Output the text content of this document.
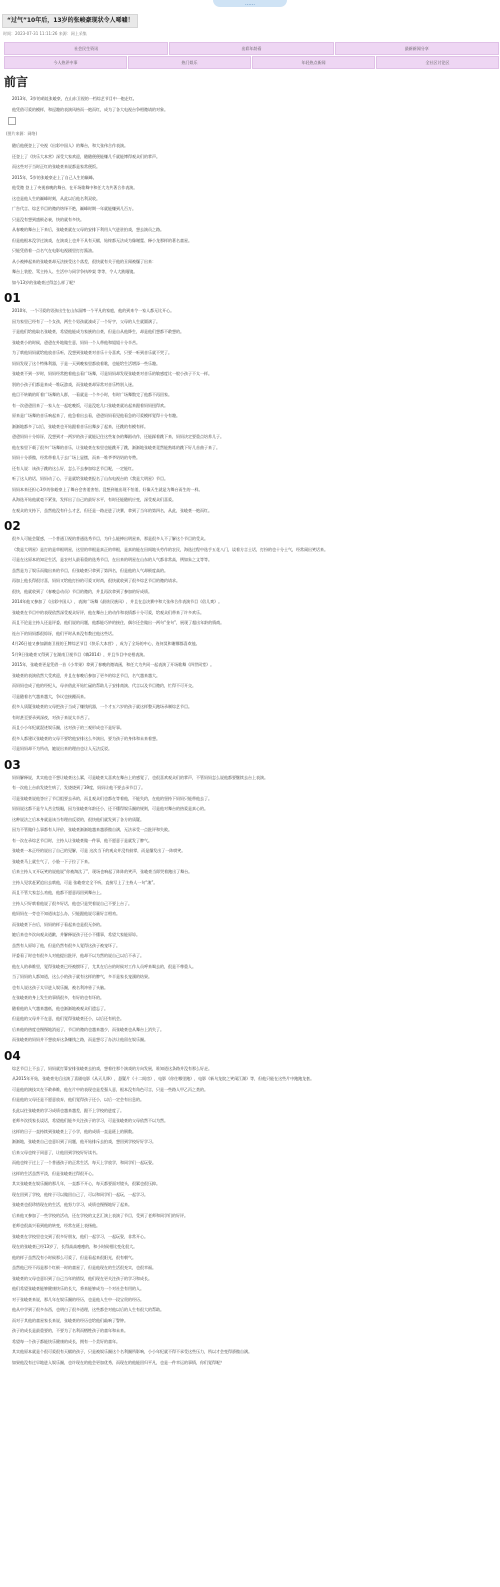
……
“过气”10年后，13岁的张峻豪现状令人唏嘘！
时间：2023-07-31 11:11:26 来源：网上采集
社会民生资讯	出彩年龄看	最新新闻分享
今人热评中事	热门娱乐	年轻热点新闻	全社区讨论区
前言
2013年，3岁的萌娃张峻豪，在山东卫视的一档综艺节目中一炮走红。
他凭借可爱的模样，和逗趣的表演风格而一炮而红，成为了各大电视台争相邀请的对象。
(图片来源：网络)
随后他便登上了央视《出彩中国人》的舞台，和大张伟合作表演。
还登上了《快乐大本营》深受大家欢迎，随随便便能赚几千就能博得观众们的掌声。
而这些对于当时正红的张峻豪来说都是家常便饭。
2015年，5岁的张峻豪走上了自己人生的巅峰。
他受邀 登上了央视春晚的舞台，在开场歌舞中和任大为共著合作表演。
这也是他人生的巅峰时刻，从此以后他名利双收。
广告代言、综艺节目的邀约络绎不绝，巅峰时期一年就能赚到几百万。
只是没有想到盛极必衰，快的就有多快。
从春晚的舞台上下来后，张峻豪就在父母的安排下利用人气进驻拍戏，想去演员之路。
但是他根本没学过演戏，在演戏上也并不具有天赋，始终都无法成为像谢霆、释小龙那样的著名童星。
只能凭借着一点名气在电影电视剧里打打酱油。
从小被捧起来的张峻豪却无法接受这个落差，很快就有关于他的丑闻被爆了出来：
舞台上装腔、骂主持人、生活中与同学争执吵架 等等，令人大跌眼镜。
如今13岁的张峻豪过得怎么样了呢？
01
2010年，一个可爱的男孩出生在山东淄博一个平凡的家庭，他的到来令一家人都无比开心。
因为家里已经有了一个女孩，两生个男孩就凑成了一个好字，父母的人生就圆满了。
于是他们给他取名张峻豪，希望他能成为家族的自豪，但是自从他降生，却是他们想都不敢想的。
张峻豪小的时候，爸爸在外地做生意，妈妈一个人带他和姐姐十分辛苦。
为了哄他妈妈就给他放音乐听，没想到张峻豪对音乐十分喜欢，只要一听到音乐就不哭了。
妈妈发现了这个特殊利器，于是一天到晚家里都放着歌，也能给生活增添一些乐趣。
张峻豪不到一岁时，妈妈经常抱着他去看广场舞，可是妈妈却发现张峻豪对音乐的敏感度比一般小孩子不太一样。
别的小孩子们都是来成一堆玩游戏，而张峻豪却异常对音乐特别入迷。
他目不转睛的盯着广场舞的人群，一看就是一个多小时，有时广场舞散完了他都不再回家。
有一次爸爸回来了一家人在一起吃晚饭，可是没吃几口张峻豪就站起来跟着妈妈扭得欢。
原来是广场舞的音乐响起来了，他急着出去看，爸爸妈妈看见他看急的可爱模样觉得十分有趣。
渐渐地都多了以后，张峻豪也开始跟着音乐出舞步了起来，还跳的有模有样。
爸爸妈妈十分惊讶，没想到才一两岁的孩子就能记住这些复杂的舞蹈动作，还能踩着跳下来，妈妈决定要重点培养儿子。
他在家里下载了很多广场舞的音乐，让张峻豪在家里也能跳开了跳，渐渐地张峻豪竟然能熟练的跳下好几首曲子来了。
妈妈十分骄傲，经常带着儿子去广场上显摆，而来一堆爷爷奶奶的夸赞。
还有人说：该孩子跳的这么好，怎么不去参加综艺节目呢，一定能红。
听了这人的话，妈妈动了心，于是就给张峻豪报名了山东电视台的《我是大明星》节目。
妈妈本来还担心3岁的张峻豪上了舞台会害羞害怕，没想到他出现不怕羞，好像天生就是为舞台而生的一样。
从海选开始他就毫不紧张，发挥出了自己的最好水平，有时还能随机应变，深受观众们喜爱。
在观众的支持下，虽然他没有什么才艺，但还是一路走进了决赛，拿到了当年的第四名，从此，张峻豪一炮而红。
02
很多人可能会疑惑，一个普通卫视的普通选秀节目，为什么能捧出明星来，那是很多人不了解这个节目的受众。
《我是大明星》是打的是草根明星，这里的草根是真正的草根，是真的能在田间地头劳作的农民，海选过程中选手五花八门，谈着方言土话，打扮的也十分土气，经常闹出笑话来。
可是在这原本的知足生活，是农村人最看重的选秀节目，在出来的明星在山东的人气都非常高，例如朱之文等等。
虽然是为了娱乐而做出来的节目，但张峻豪只拿到了第四名，但是他的人气却极度高的。
再加上他长得很讨喜，妈妈又给他打扮的可爱又时尚，很快就收到了很多综艺节目的邀约请求。
很快，他就收到了《春晚总动员》节目的邀约，并且再次拿到了参加的好成绩。
2014年他又参加了《出彩中国人》，表演广场舞《最炫民族风》，并且在总决赛中和大张伟合作表演节目《倍儿爽》。
张峻豪在节目中的表现依然深受观众好评，他在舞台上的动作和表情都十分可爱，给观众们带来了许多欢乐。
而且不论是主持人还是评委，他们说的问题，他都能巧妙的接住，偶尔还会做出一两句“金句”，展现了超出年龄的情商。
连台下的妈妈都很惊讶，他们平时从来没有教过他这些话。
4月26日他又参加湖南卫视的王牌综艺节目《快乐大本营》，成为了全场的中心，连何炅和谢娜都喜欢他。
5月9日张峻豪又得到了在湖南卫视节目《嗨2014》，并且节目中亮相表演。
2015年，张峻豪更是凭借一首《小苹果》拿到了春晚的邀请函，和任大为共同一起表演了开场歌舞《四世同堂》。
张峻豪的表演依然大受欢迎，并且在春晚后参加了更多的综艺节目，名气越来越大。
而妈妈也成了他的经纪人，母亲借此开始忙碌的帮助儿子安排商演、代言以及节目邀约，忙得不可开交。
可是随着名气越来越大，争议也接踵而来。
很多人质疑张峻豪的父母把孩子当成了赚钱机器，一个才五六岁的孩子就这样整天跑场录制综艺节目。
有时甚至要录到深夜，对孩子来说太辛苦了。
而且小小年纪就混迹娱乐圈，这对孩子的三观形成也不是好事。
很多人都建议张峻豪的父母不要给他安排这么多演出，要为孩子的身体和未来着想。
可是妈妈却不为所动，她说出来的理由也让人无法反驳。
03
妈妈解释说，其实他也不想让峻豪这么累，可是峻豪太喜欢在舞台上的感觉了，也很喜欢观众们的掌声，不管妈妈怎么说他都要继续去台上表演。
有一次他上台前发烧生病了，发烧烧到了39度，妈妈让他不要去录节目了。
可是张峻豪说他答应了节目组要去录的，而且观众们也都在等着他，不能失约，在他的坚持下妈妈只能带他去了。
妈妈说这都不是令人苦全级眼，因为张峻豪年龄还小，还不懂得娱乐圈的规则，可是他对舞台的热爱是真心的。
这种说法之后本身就是该当有理由反驳的，很快他们就发到了各方的质疑。
因为不管做什么事都有人评价，张峻豪渐渐地越来越骄傲自满，无法承受一点批评和失败。
有一次在录综艺节目时，主持人让张峻豪做一件事，他不愿意于是就发了脾气。
张峻豪一本正经的说出了自己的见解，可是 这次当下的观众并没有鼓掌，而是爆发出了一阵哄笑。
张峻豪马上就生气了，小脸一下子拉了下来。
后来主持人又开玩笑的说他说“你被淘汰了”，现场也响起了阵阵的笑声，张峻豪当即哭着跑出了舞台。
主持人见状赶紧追出去哄他，可是 张峻豪完全不听，直接写上了主持人一句“滚”。
而且不管大家怎么劝他，他都不愿意再回到舞台上。
主持人只好哄着他说了很多好话，他也只是哭着说自己不要上台了。
他妈妈在一旁也不知道该怎么办，只能跟他说尽量好言相劝。
而张峻豪下台后，妈妈的样子看起来也是很无奈的。
她后来也多次向观众道歉，并解释说孩子还小不懂事，希望大家能原谅。
虽然有人原谅了他，但是仍然有很多人觉得这孩子被宠坏了。
评委看了时也有很多人对他提出批评，他却不以为然的说自己以后不录了。
他在人的恭维里，觉得张峻豪已经被惯坏了，尤其在后台的时候对工作人员呼来喝去的，很是不尊重人。
当了妈妈的人都知道，这么小的孩子就有这样的脾气，多半是家长宠溺的结果。
也有人说这孩子太早进入娱乐圈，被名利冲昏了头脑。
在张峻豪的身上发生的事情很多，有好的也有坏的。
随着他的人气越来越低，他也渐渐地被观众们遗忘了。
但是他的父母并不在意，他们觉得张峻豪还小，以后还有机会。
后来他的热度也慢慢地消退了，节目的邀约也越来越少，而张峻豪也从舞台上消失了。
而张峻豪的妈妈并不想放弃这条赚钱之路，而是想尽了办法让他留在娱乐圈。
04
综艺节目上不去了，妈妈就打算安排张峻豪去拍戏，想着往那个演戏的方向发展，谁知道这条路并没有那么好走。
从2015年开始，张峻豪先后出演了喜剧电影《从天儿降》，悬疑片《十二间房》，电影《你往哪里跑》，电影《新乌龙院之笑闹江湖》等，但他只能在这些片中跑跑龙套。
可是他的演技实在不敢恭维，他在片中的表现也是差强人意，根本没有角色可言，只是一些路人甲乙丙之类的。
但是他的父母还是不愿意放弃，他们觉得孩子还小，以后一定会有出息的。
长此以往张峻豪的学习成绩也越来越差，跟不上学校的进度了。
老师多次找家长谈话，希望他们能多关注孩子的学习，可是张峻豪的父母依然不以为然。
这样的日子一直持续到张峻豪上了小学，他的成绩一直是班上的倒数。
渐渐地，张峻豪自己也意识到了问题，他开始排斥去拍戏，想回到学校好好学习。
后来父母也终于同意了，让他回到学校好好读书。
而他也终于过上了一个普通孩子的正常生活，每天上学放学，和同学们一起玩耍。
这样的生活虽然平淡，但是张峻豪过得很开心。
其实张峻豪在娱乐圈的那几年，一直都不开心，每天都要面对镜头，很累也很压抑。
现在回到了学校，他终于可以做回自己了，可以和同学们一起玩，一起学习。
张峻豪也很珍惜现在的生活，他努力学习，成绩也慢慢地好了起来。
后来他又参加了一些学校的活动，还在学校的文艺汇演上表演了节目，受到了老师和同学们的好评。
老师也很高兴看到他的转变，经常在班上表扬他。
张峻豪在学校里也交到了很多好朋友，他们一起学习，一起玩耍，非常开心。
现在的张峻豪已经13岁了，长得高高瘦瘦的，和小时候相比变化很大。
他的样子虽然没有小时候那么可爱了，但是看起来很阳光，很有朝气。
虽然他已经不再是那个红极一时的童星了，但是他现在的生活很充实，也很幸福。
张峻豪的父母也意识到了自己当年的错误，他们现在更关注孩子的学习和成长。
他们希望张峻豪能够健康快乐的长大，将来能够成为一个对社会有用的人。
对于张峻豪来说，那几年在娱乐圈的经历，也是他人生中一段宝贵的经历。
他从中学到了很多东西，也明白了很多道理，这些都会对他以后的人生有很大的帮助。
而对于其他的童星家长来说，张峻豪的经历也给他们敲响了警钟。
孩子的成长是最重要的，不要为了名利而牺牲孩子的童年和未来。
希望每一个孩子都能快乐健康的成长，拥有一个美好的童年。
其实他原本就是个很可爱很有天赋的孩子，只是被娱乐圈这个名利圈所影响，小小年纪就不得不承受这些压力，所以才会变得骄傲自满。
如果他没有过早地进入娱乐圈，也许现在的他会更加优秀，而现在的他能回归平凡，也是一件幸运的事情，你们觉得呢？
